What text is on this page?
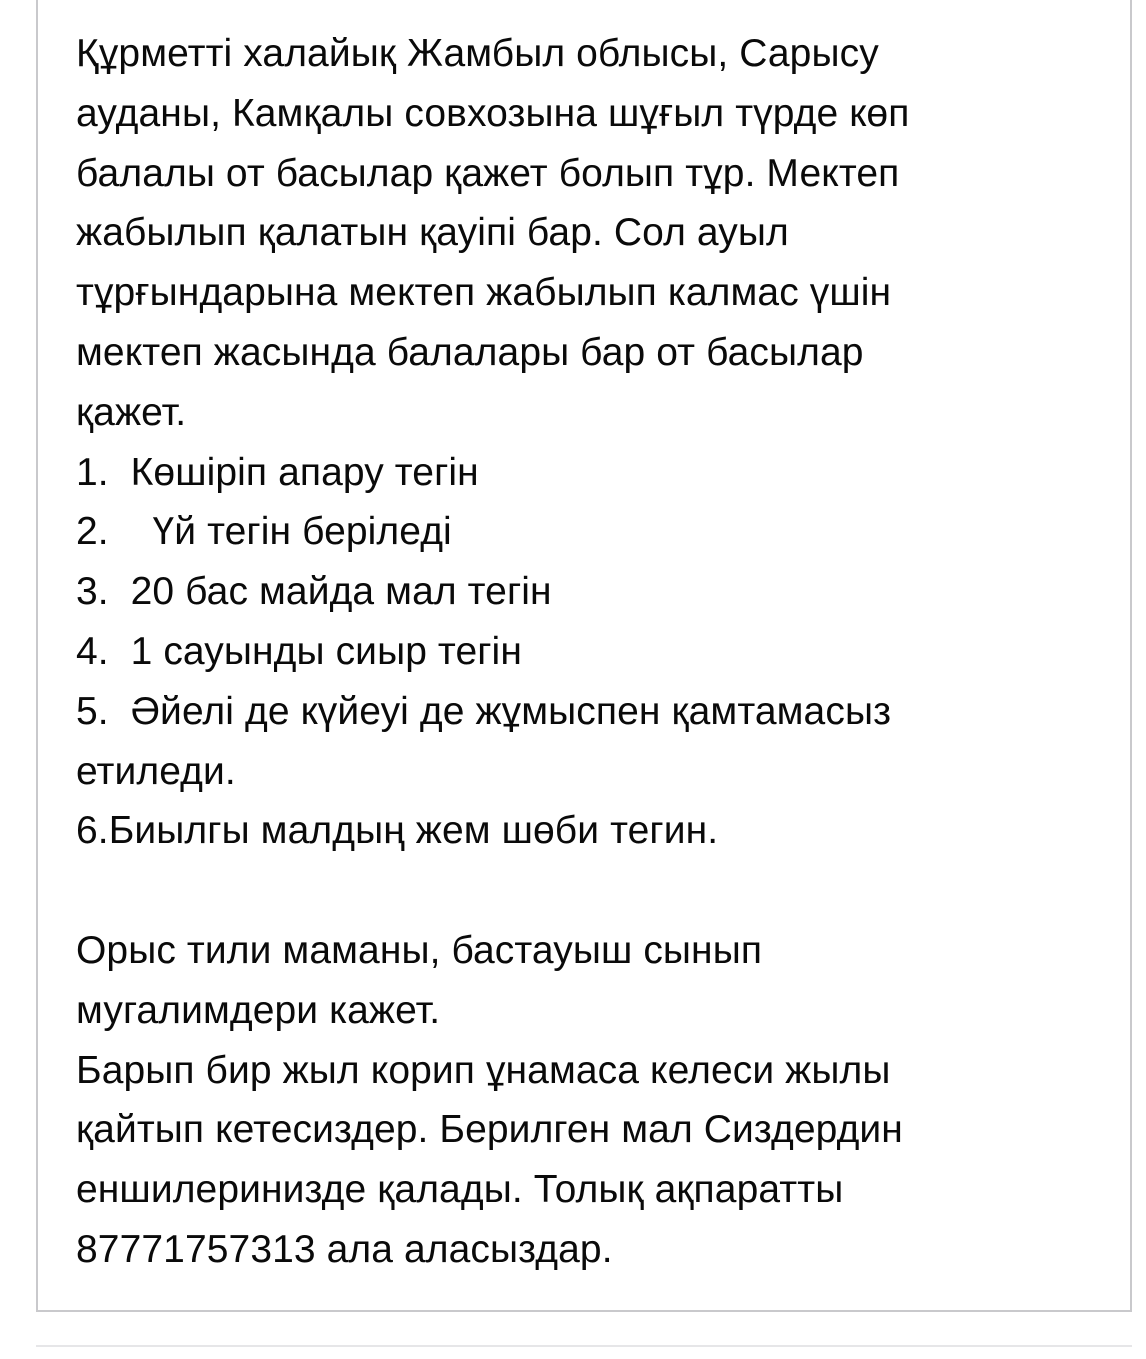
Құрметті халайық Жамбыл облысы, Сарысу
ауданы, Камқалы совхозына шұғыл түрде көп
балалы от басылар қажет болып тұр. Мектеп
жабылып қалатын қауіпі бар. Сол ауыл
тұрғындарына мектеп жабылып калмас үшін
мектеп жасында балалары бар от басылар
қажет.
1. Көшіріп апару тегін
2.    Үй тегін беріледі
3. 20 бас майда мал тегін
4. 1 сауынды сиыр тегін
5. Әйелі де күйеуі де жұмыспен қамтамасыз
етиледи.
6.Биылгы малдың жем шөби тегин.
Орыс тили маманы, бастауыш сынып
мугалимдери кажет.
Барып бир жыл корип ұнамаса келеси жылы
қайтып кетесиздер. Берилген мал Сиздердин
еншилеринизде қалады. Толық ақпаратты
87771757313 ала аласыздар.
